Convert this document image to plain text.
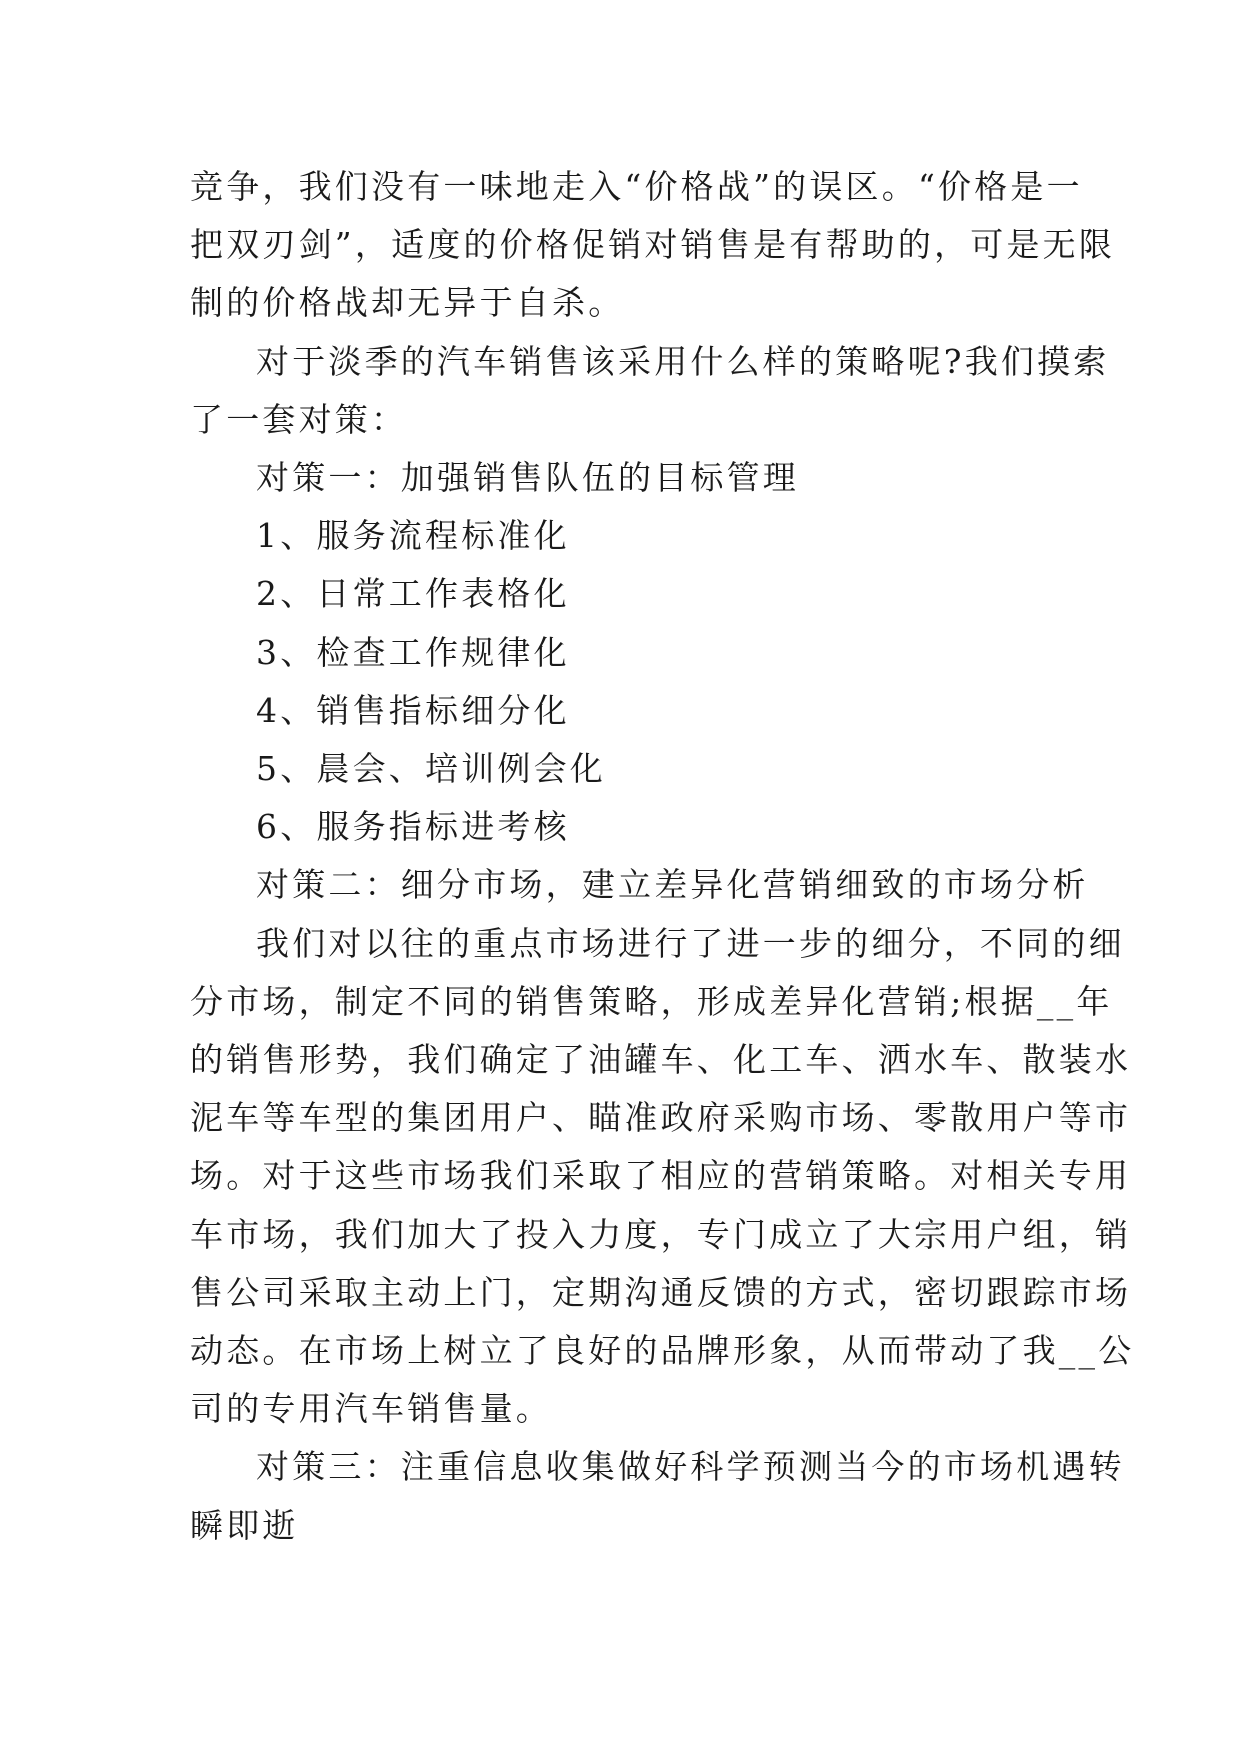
竞争，我们没有一味地走入“价格战”的误区。“价格是一
把双刃剑”，适度的价格促销对销售是有帮助的，可是无限
制的价格战却无异于自杀。

对于淡季的汽车销售该采用什么样的策略呢?我们摸索
了一套对策：

对策一：加强销售队伍的目标管理

1、服务流程标准化

2、日常工作表格化

3、检查工作规律化

4、销售指标细分化

5、晨会、培训例会化

6、服务指标进考核

对策二：细分市场，建立差异化营销细致的市场分析

我们对以往的重点市场进行了进一步的细分，不同的细
分市场，制定不同的销售策略，形成差异化营销;根据__年
的销售形势，我们确定了油罐车、化工车、洒水车、散装水
泥车等车型的集团用户、瞄准政府采购市场、零散用户等市
场。对于这些市场我们采取了相应的营销策略。对相关专用
车市场，我们加大了投入力度，专门成立了大宗用户组，销
售公司采取主动上门，定期沟通反馈的方式，密切跟踪市场
动态。在市场上树立了良好的品牌形象，从而带动了我__公
司的专用汽车销售量。

对策三：注重信息收集做好科学预测当今的市场机遇转
瞬即逝
